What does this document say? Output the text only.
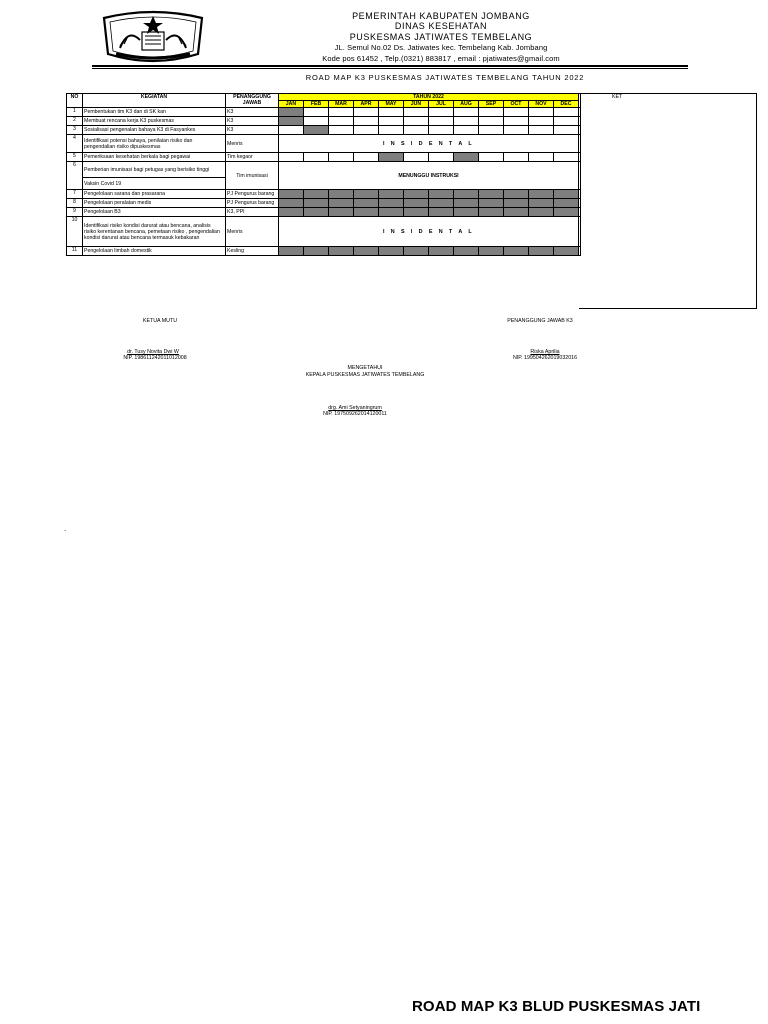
PEMERINTAH KABUPATEN JOMBANG
DINAS KESEHATAN
PUSKESMAS JATIWATES TEMBELANG
JL. Semul No.02 Ds. Jatiwates kec. Tembelang Kab. Jombang
Kode pos 61452 , Telp.(0321) 883817 , email : pjatiwates@gmail.com
ROAD MAP K3 PUSKESMAS JATIWATES TEMBELANG TAHUN 2022
NO	KEGIATAN	PENANGGUNG JAWAB	TAHUN 2022												
			JAN	FEB	MAR	APR	MAY	JUN	JUL	AUG	SEP	OCT	NOV	DEC	
1	Pembentukan tim K3 dan di SK kan	K3													
2	Membuat rencana kerja K3 puskesmas	K3													
3	Sosialisasi pengenalan bahaya K3 di Fasyankes	K3													
4	Identifikasi potensi bahaya, penilaian risiko dan pengendalian risiko dipuskesmas	Menris	I N S I D E N T A L												
5	Pemeriksaan kesehatan berkala bagi pegawai	Tim kegaor													
6	Pemberian imunisasi bagi petugas yang berisiko tinggi	Tim imunisasi	MENUNGGU INSTRUKSI												
	Vaksin Covid 19														
7	Pengelolaan sarana dan prasarana	PJ Pengurus barang													
8	Pengelolaan peralatan medis	PJ Pengurus barang													
9	Pengelolaan B3	K3, PPI													
10	Identifikasi risiko kondisi darurat atau bencana, analisis risiko kerentanan bencana, pemetaan risiko , pengendalian kondisi darurat atau bencana termasuk kebakaran	Menris	I N S I D E N T A L												
11	Pengelolaan limbah domestik	Kesling													
KET
KETUA MUTU	PENANGGUNG JAWAB K3
dr. Tusy Novita Dwi W
NIP. 198611242011012008
Riska Aprilia
NIP. 199504262019032016
MENGETAHUI
KEPALA PUSKESMAS JATIWATES TEMBELANG
drg. Ami Setyaningrum
NIP. 197509262014120011
.
ROAD MAP K3 BLUD PUSKESMAS JATI
